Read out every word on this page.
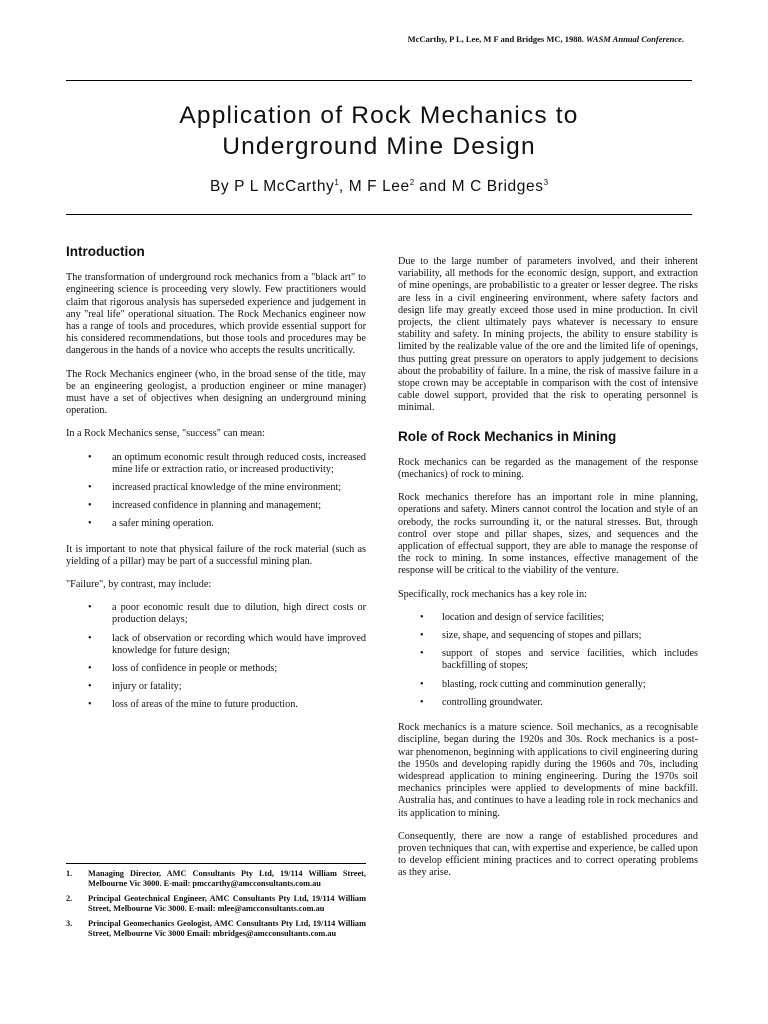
McCarthy, P L, Lee, M F and Bridges MC, 1988. WASM Annual Conference.
Application of Rock Mechanics to
Underground Mine Design
By P L McCarthy$^1$, M F Lee$^2$ and M C Bridges$^3$
Introduction

The transformation of underground rock mechanics from a "black art" to engineering science is proceeding very slowly. Few practitioners would claim that rigorous analysis has superseded experience and judgement in any "real life" operational situation. The Rock Mechanics engineer now has a range of tools and procedures, which provide essential support for his considered recommendations, but those tools and procedures may be dangerous in the hands of a novice who accepts the results uncritically.

The Rock Mechanics engineer (who, in the broad sense of the title, may be an engineering geologist, a production engineer or mine manager) must have a set of objectives when designing an underground mining operation.

In a Rock Mechanics sense, "success" can mean:

• an optimum economic result through reduced costs, increased mine life or extraction ratio, or increased productivity;
• increased practical knowledge of the mine environment;
• increased confidence in planning and management;
• a safer mining operation.

It is important to note that physical failure of the rock material (such as yielding of a pillar) may be part of a successful mining plan.

"Failure", by contrast, may include:

• a poor economic result due to dilution, high direct costs or production delays;
• lack of observation or recording which would have improved knowledge for future design;
• loss of confidence in people or methods;
• injury or fatality;
• loss of areas of the mine to future production.
1. Managing Director, AMC Consultants Pty Ltd, 19/114 William Street, Melbourne Vic 3000. E-mail: pmccarthy@amcconsultants.com.au
2. Principal Geotechnical Engineer, AMC Consultants Pty Ltd, 19/114 William Street, Melbourne Vic 3000. E-mail: mlee@amcconsultants.com.au
3. Principal Geomechanics Geologist, AMC Consultants Pty Ltd, 19/114 William Street, Melbourne Vic 3000 Email: mbridges@amcconsultants.com.au

Due to the large number of parameters involved, and their inherent variability, all methods for the economic design, support, and extraction of mine openings, are probabilistic to a greater or lesser degree. The risks are less in a civil engineering environment, where safety factors and design life may greatly exceed those used in mine production. In civil projects, the client ultimately pays whatever is necessary to ensure stability and safety. In mining projects, the ability to ensure stability is limited by the realizable value of the ore and the limited life of openings, thus putting great pressure on operators to apply judgement to decisions about the probability of failure. In a mine, the risk of massive failure in a stope crown may be acceptable in comparison with the cost of intensive cable dowel support, provided that the risk to operating personnel is minimal.

Role of Rock Mechanics in Mining

Rock mechanics can be regarded as the management of the response (mechanics) of rock to mining.

Rock mechanics therefore has an important role in mine planning, operations and safety. Miners cannot control the location and style of an orebody, the rocks surrounding it, or the natural stresses. But, through control over stope and pillar shapes, sizes, and sequences and the application of effectual support, they are able to manage the response of the rock to mining. In some instances, effective management of the response will be critical to the viability of the venture.

Specifically, rock mechanics has a key role in:

• location and design of service facilities;
• size, shape, and sequencing of stopes and pillars;
• support of stopes and service facilities, which includes backfilling of stopes;
• blasting, rock cutting and comminution generally;
• controlling groundwater.

Rock mechanics is a mature science. Soil mechanics, as a recognisable discipline, began during the 1920s and 30s. Rock mechanics is a post-war phenomenon, beginning with applications to civil engineering during the 1950s and developing rapidly during the 1960s and 70s, including widespread application to mining engineering. During the 1970s soil mechanics principles were applied to developments of mine backfill. Australia has, and continues to have a leading role in rock mechanics and its application to mining.

Consequently, there are now a range of established procedures and proven techniques that can, with expertise and experience, be called upon to develop efficient mining practices and to correct operating problems as they arise.
